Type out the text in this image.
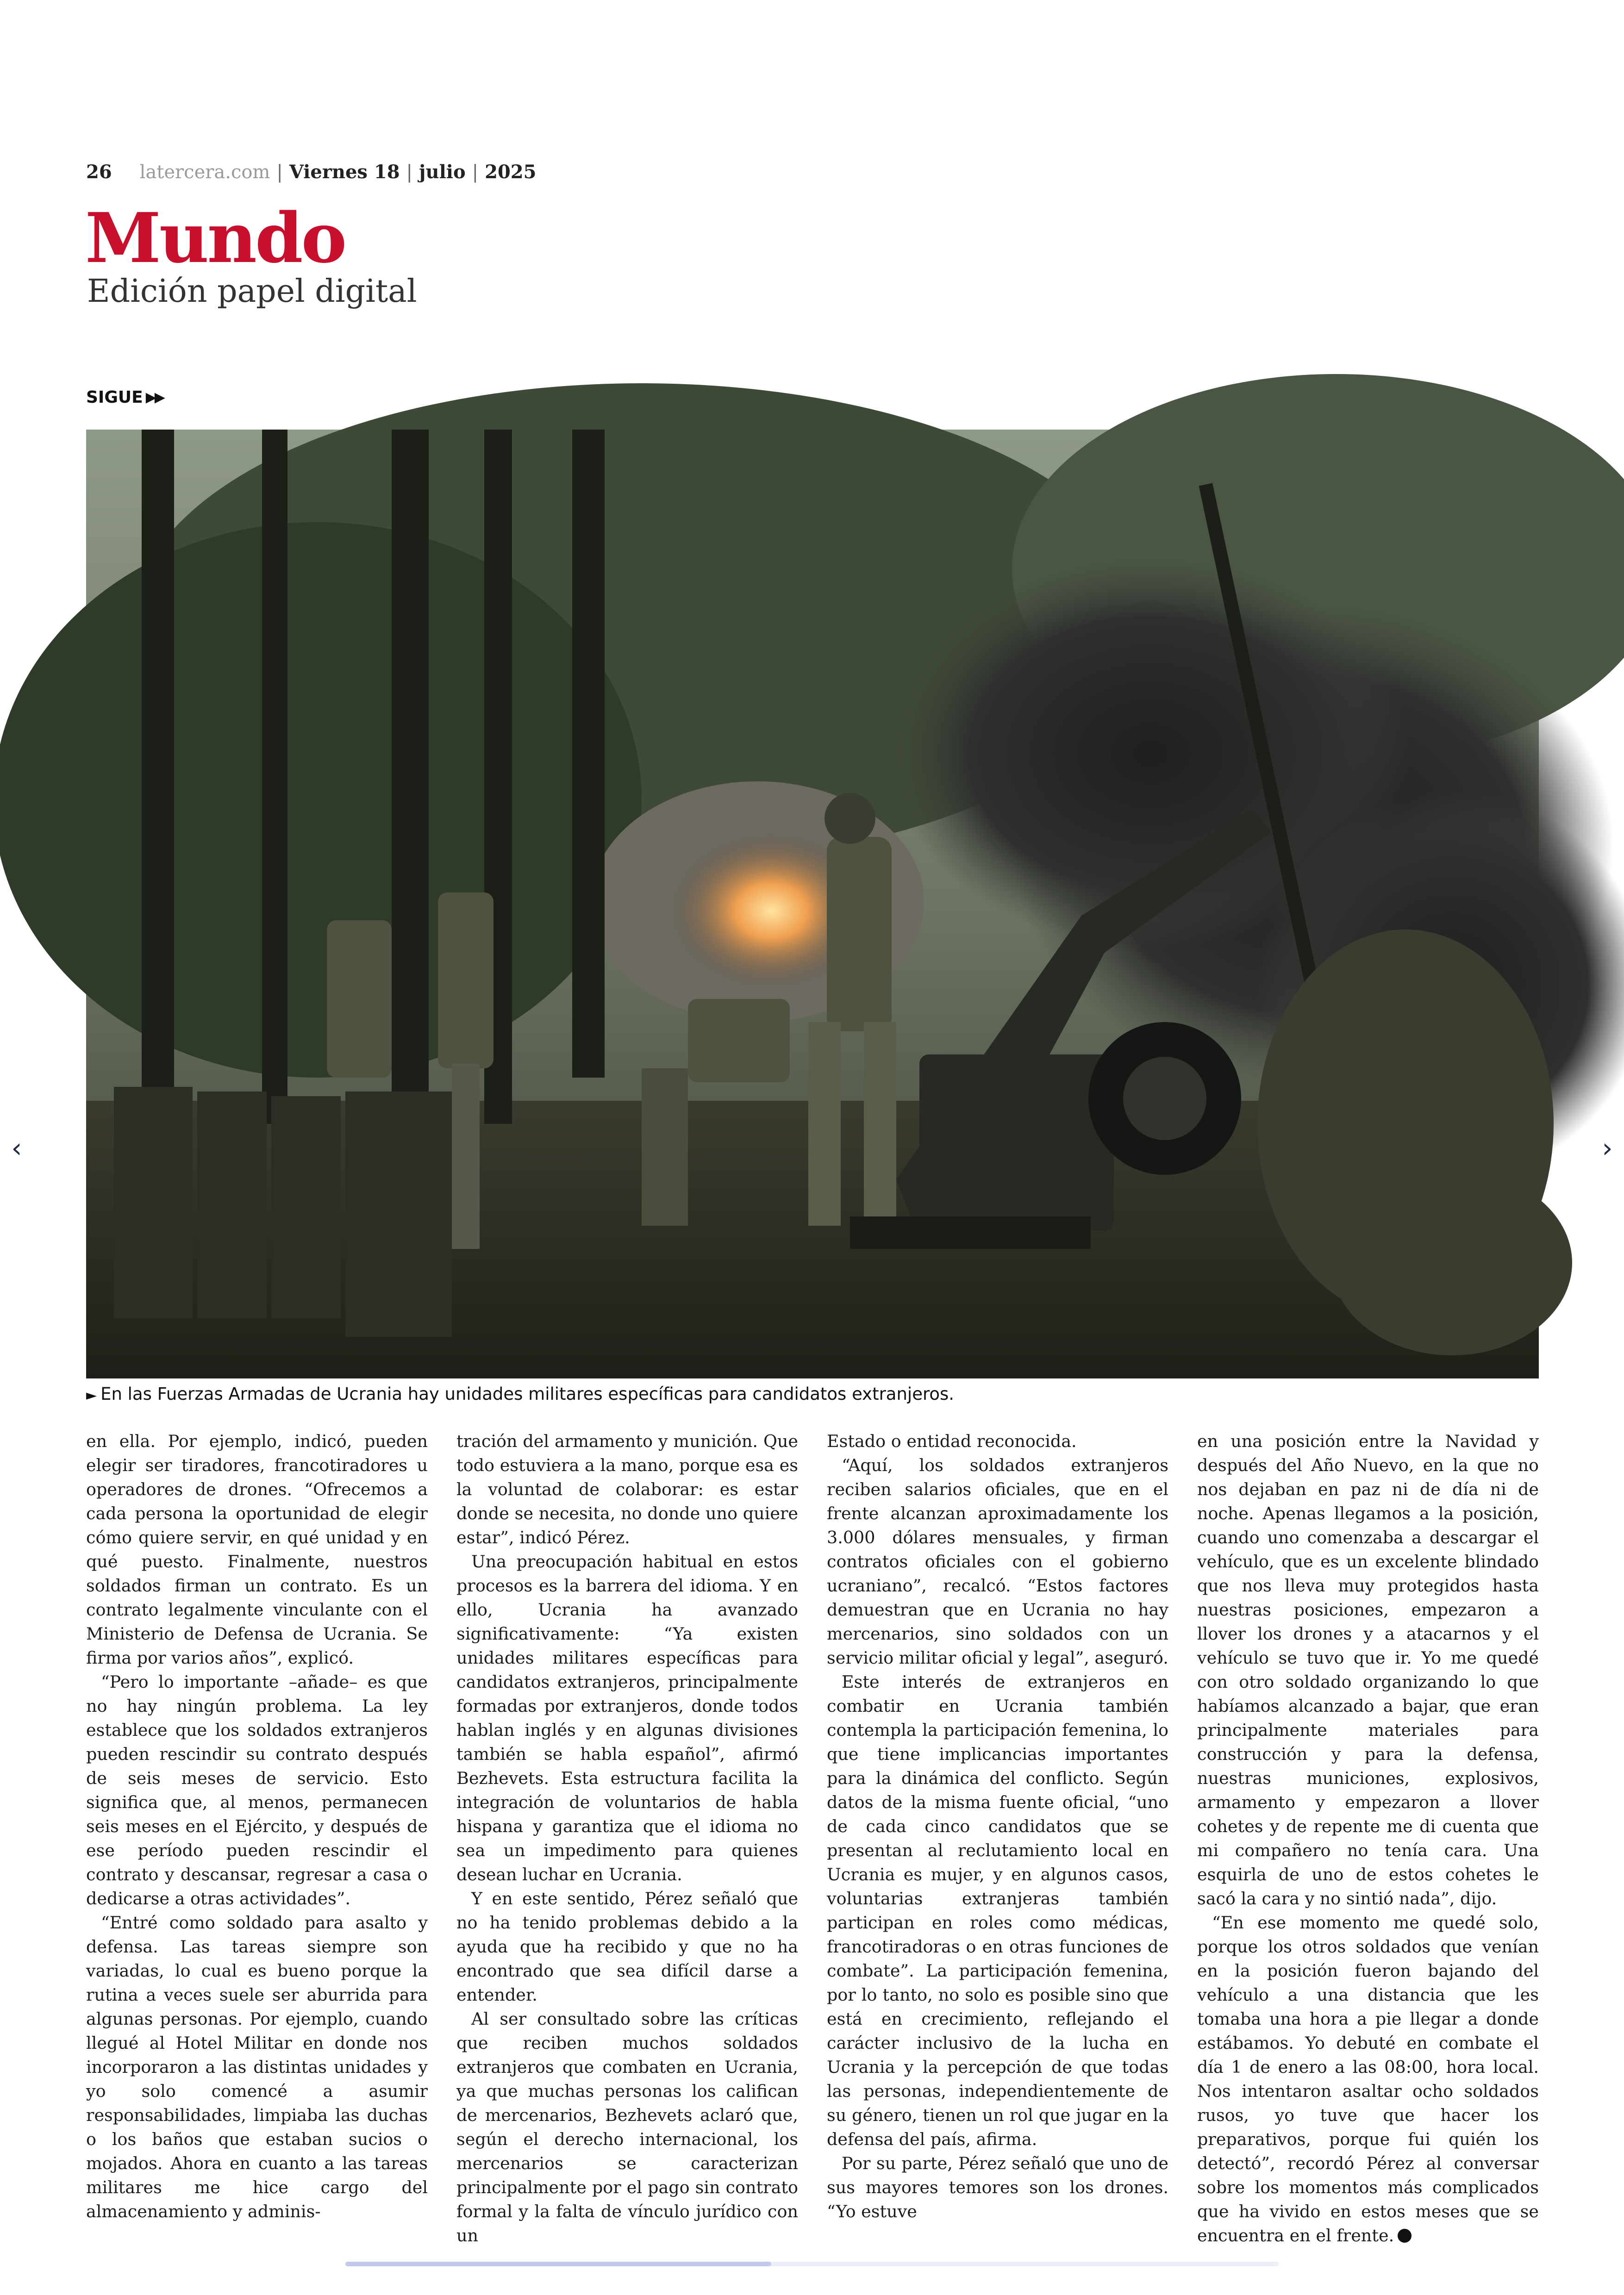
26 latercera.com | Viernes 18 | julio | 2025
Mundo
Edición papel digital
SIGUE ▶▶
► En las Fuerzas Armadas de Ucrania hay unidades militares específicas para candidatos extranjeros.

en ella. Por ejemplo, indicó, pueden elegir ser tiradores, francotiradores u operadores de drones. “Ofrecemos a cada persona la oportunidad de elegir cómo quiere servir, en qué unidad y en qué puesto. Finalmente, nuestros soldados firman un contrato. Es un contrato legalmente vinculante con el Ministerio de Defensa de Ucrania. Se firma por varios años”, explicó.

“Pero lo importante –añade– es que no hay ningún problema. La ley establece que los soldados extranjeros pueden rescindir su contrato después de seis meses de servicio. Esto significa que, al menos, permanecen seis meses en el Ejército, y después de ese período pueden rescindir el contrato y descansar, regresar a casa o dedicarse a otras actividades”.

“Entré como soldado para asalto y defensa. Las tareas siempre son variadas, lo cual es bueno porque la rutina a veces suele ser aburrida para algunas personas. Por ejemplo, cuando llegué al Hotel Militar en donde nos incorporaron a las distintas unidades y yo solo comencé a asumir responsabilidades, limpiaba las duchas o los baños que estaban sucios o mojados. Ahora en cuanto a las tareas militares me hice cargo del almacenamiento y adminis-

tración del armamento y munición. Que todo estuviera a la mano, porque esa es la voluntad de colaborar: es estar donde se necesita, no donde uno quiere estar”, indicó Pérez.

Una preocupación habitual en estos procesos es la barrera del idioma. Y en ello, Ucrania ha avanzado significativamente: “Ya existen unidades militares específicas para candidatos extranjeros, principalmente formadas por extranjeros, donde todos hablan inglés y en algunas divisiones también se habla español”, afirmó Bezhevets. Esta estructura facilita la integración de voluntarios de habla hispana y garantiza que el idioma no sea un impedimento para quienes desean luchar en Ucrania.

Y en este sentido, Pérez señaló que no ha tenido problemas debido a la ayuda que ha recibido y que no ha encontrado que sea difícil darse a entender.

Al ser consultado sobre las críticas que reciben muchos soldados extranjeros que combaten en Ucrania, ya que muchas personas los califican de mercenarios, Bezhevets aclaró que, según el derecho internacional, los mercenarios se caracterizan principalmente por el pago sin contrato formal y la falta de vínculo jurídico con un

Estado o entidad reconocida.

“Aquí, los soldados extranjeros reciben salarios oficiales, que en el frente alcanzan aproximadamente los 3.000 dólares mensuales, y firman contratos oficiales con el gobierno ucraniano”, recalcó. “Estos factores demuestran que en Ucrania no hay mercenarios, sino soldados con un servicio militar oficial y legal”, aseguró.

Este interés de extranjeros en combatir en Ucrania también contempla la participación femenina, lo que tiene implicancias importantes para la dinámica del conflicto. Según datos de la misma fuente oficial, “uno de cada cinco candidatos que se presentan al reclutamiento local en Ucrania es mujer, y en algunos casos, voluntarias extranjeras también participan en roles como médicas, francotiradoras o en otras funciones de combate”. La participación femenina, por lo tanto, no solo es posible sino que está en crecimiento, reflejando el carácter inclusivo de la lucha en Ucrania y la percepción de que todas las personas, independientemente de su género, tienen un rol que jugar en la defensa del país, afirma.

Por su parte, Pérez señaló que uno de sus mayores temores son los drones. “Yo estuve

en una posición entre la Navidad y después del Año Nuevo, en la que no nos dejaban en paz ni de día ni de noche. Apenas llegamos a la posición, cuando uno comenzaba a descargar el vehículo, que es un excelente blindado que nos lleva muy protegidos hasta nuestras posiciones, empezaron a llover los drones y a atacarnos y el vehículo se tuvo que ir. Yo me quedé con otro soldado organizando lo que habíamos alcanzado a bajar, que eran principalmente materiales para construcción y para la defensa, nuestras municiones, explosivos, armamento y empezaron a llover cohetes y de repente me di cuenta que mi compañero no tenía cara. Una esquirla de uno de estos cohetes le sacó la cara y no sintió nada”, dijo.

“En ese momento me quedé solo, porque los otros soldados que venían en la posición fueron bajando del vehículo a una distancia que les tomaba una hora a pie llegar a donde estábamos. Yo debuté en combate el día 1 de enero a las 08:00, hora local. Nos intentaron asaltar ocho soldados rusos, yo tuve que hacer los preparativos, porque fui quién los detectó”, recordó Pérez al conversar sobre los momentos más complicados que ha vivido en estos meses que se encuentra en el frente.

‹	›
